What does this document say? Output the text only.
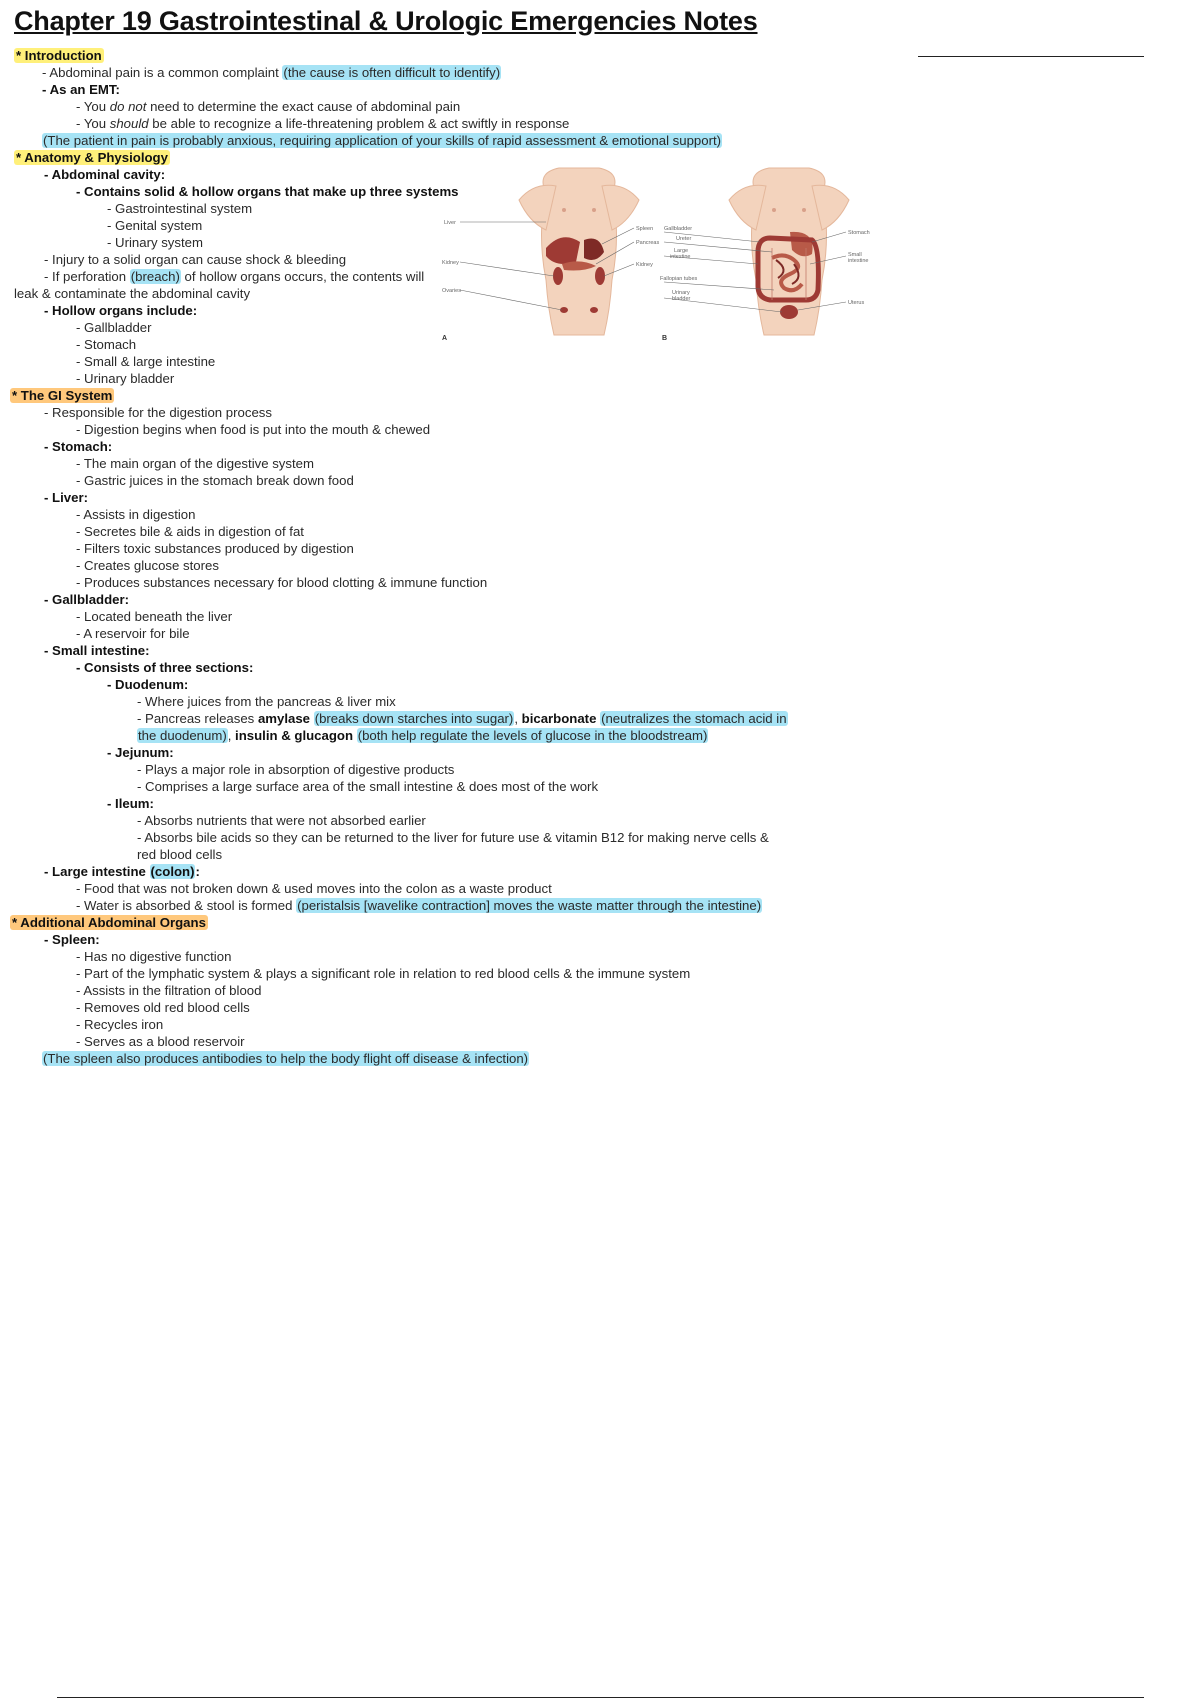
Chapter 19 Gastrointestinal & Urologic Emergencies Notes
* Introduction
- Abdominal pain is a common complaint (the cause is often difficult to identify)
- As an EMT:
- You do not need to determine the exact cause of abdominal pain
- You should be able to recognize a life-threatening problem & act swiftly in response
(The patient in pain is probably anxious, requiring application of your skills of rapid assessment & emotional support)
* Anatomy & Physiology
- Abdominal cavity:
- Contains solid & hollow organs that make up three systems
- Gastrointestinal system
- Genital system
- Urinary system
- Injury to a solid organ can cause shock & bleeding
- If perforation (breach) of hollow organs occurs, the contents will
leak & contaminate the abdominal cavity
- Hollow organs include:
- Gallbladder
- Stomach
- Small & large intestine
- Urinary bladder
* The GI System
- Responsible for the digestion process
- Digestion begins when food is put into the mouth & chewed
- Stomach:
- The main organ of the digestive system
- Gastric juices in the stomach break down food
- Liver:
- Assists in digestion
- Secretes bile & aids in digestion of fat
- Filters toxic substances produced by digestion
- Creates glucose stores
- Produces substances necessary for blood clotting & immune function
- Gallbladder:
- Located beneath the liver
- A reservoir for bile
- Small intestine:
- Consists of three sections:
- Duodenum:
- Where juices from the pancreas & liver mix
- Pancreas releases amylase (breaks down starches into sugar), bicarbonate (neutralizes the stomach acid in
the duodenum), insulin & glucagon (both help regulate the levels of glucose in the bloodstream)
- Jejunum:
- Plays a major role in absorption of digestive products
- Comprises a large surface area of the small intestine & does most of the work
- Ileum:
- Absorbs nutrients that were not absorbed earlier
- Absorbs bile acids so they can be returned to the liver for future use & vitamin B12 for making nerve cells &
red blood cells
- Large intestine (colon):
- Food that was not broken down & used moves into the colon as a waste product
- Water is absorbed & stool is formed (peristalsis [wavelike contraction] moves the waste matter through the intestine)
* Additional Abdominal Organs
- Spleen:
- Has no digestive function
- Part of the lymphatic system & plays a significant role in relation to red blood cells & the immune system
- Assists in the filtration of blood
- Removes old red blood cells
- Recycles iron
- Serves as a blood reservoir
(The spleen also produces antibodies to help the body flight off disease & infection)
Liver
Kidney
Ovaries
Spleen
Pancreas
Kidney
A
Gallbladder
Ureter
Large
intestine
Fallopian tubes
Urinary
bladder
Stomach
Small
intestine
Uterus
B
